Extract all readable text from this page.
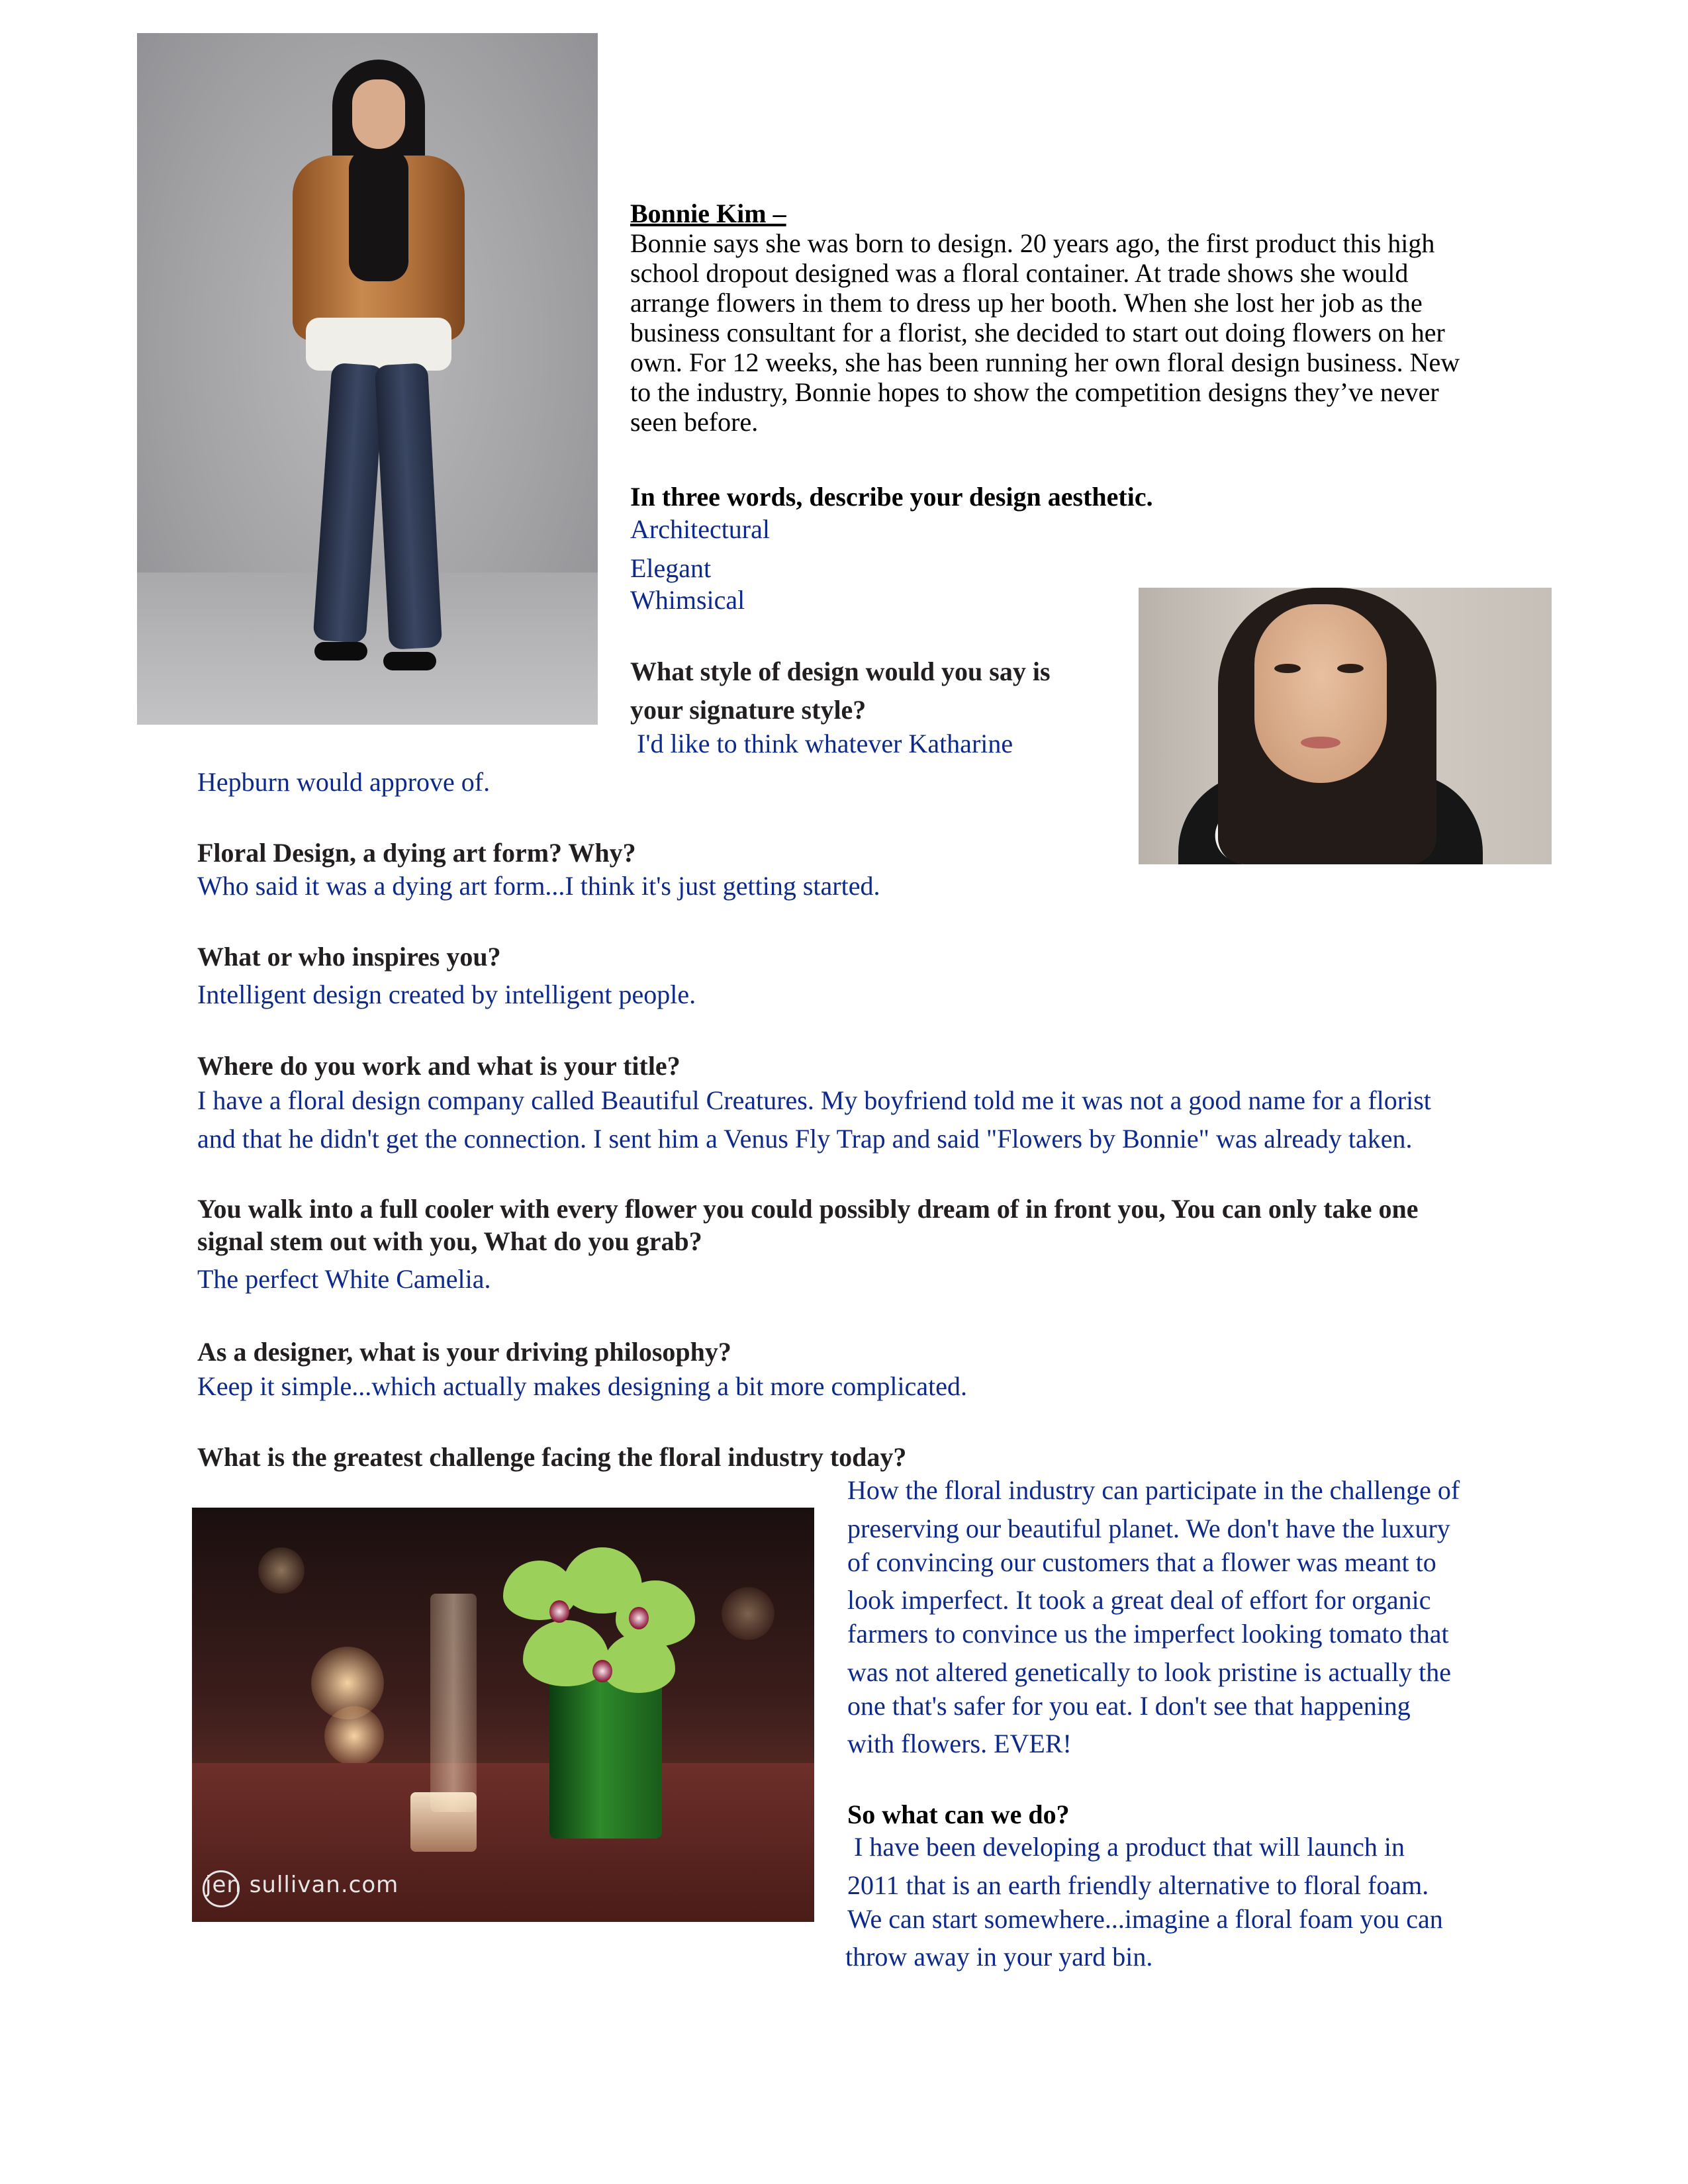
jen sullivan.com
Bonnie Kim –
Bonnie says she was born to design. 20 years ago, the first product this high school dropout designed was a floral container. At trade shows she would arrange flowers in them to dress up her booth. When she lost her job as the business consultant for a florist, she decided to start out doing flowers on her own. For 12 weeks, she has been running her own floral design business. New to the industry, Bonnie hopes to show the competition designs they’ve never seen before.

In three words, describe your design aesthetic.

Architectural

Elegant

Whimsical

What style of design would you say is

your signature style?

I'd like to think whatever Katharine

Hepburn would approve of.

Floral Design, a dying art form? Why?

Who said it was a dying art form...I think it's just getting started.

What or who inspires you?

Intelligent design created by intelligent people.

Where do you work and what is your title?

I have a floral design company called Beautiful Creatures. My boyfriend told me it was not a good name for a florist

and that he didn't get the connection. I sent him a Venus Fly Trap and said "Flowers by Bonnie" was already taken.

You walk into a full cooler with every flower you could possibly dream of in front you, You can only take one

signal stem out with you, What do you grab?

The perfect White Camelia.

As a designer, what is your driving philosophy?

Keep it simple...which actually makes designing a bit more complicated.

What is the greatest challenge facing the floral industry today?

How the floral industry can participate in the challenge of

preserving our beautiful planet. We don't have the luxury

of convincing our customers that a flower was meant to

look imperfect. It took a great deal of effort for organic

farmers to convince us the imperfect looking tomato that

was not altered genetically to look pristine is actually the

one that's safer for you eat. I don't see that happening

with flowers. EVER!

So what can we do?

I have been developing a product that will launch in

2011 that is an earth friendly alternative to floral foam.

We can start somewhere...imagine a floral foam you can

throw away in your yard bin.
